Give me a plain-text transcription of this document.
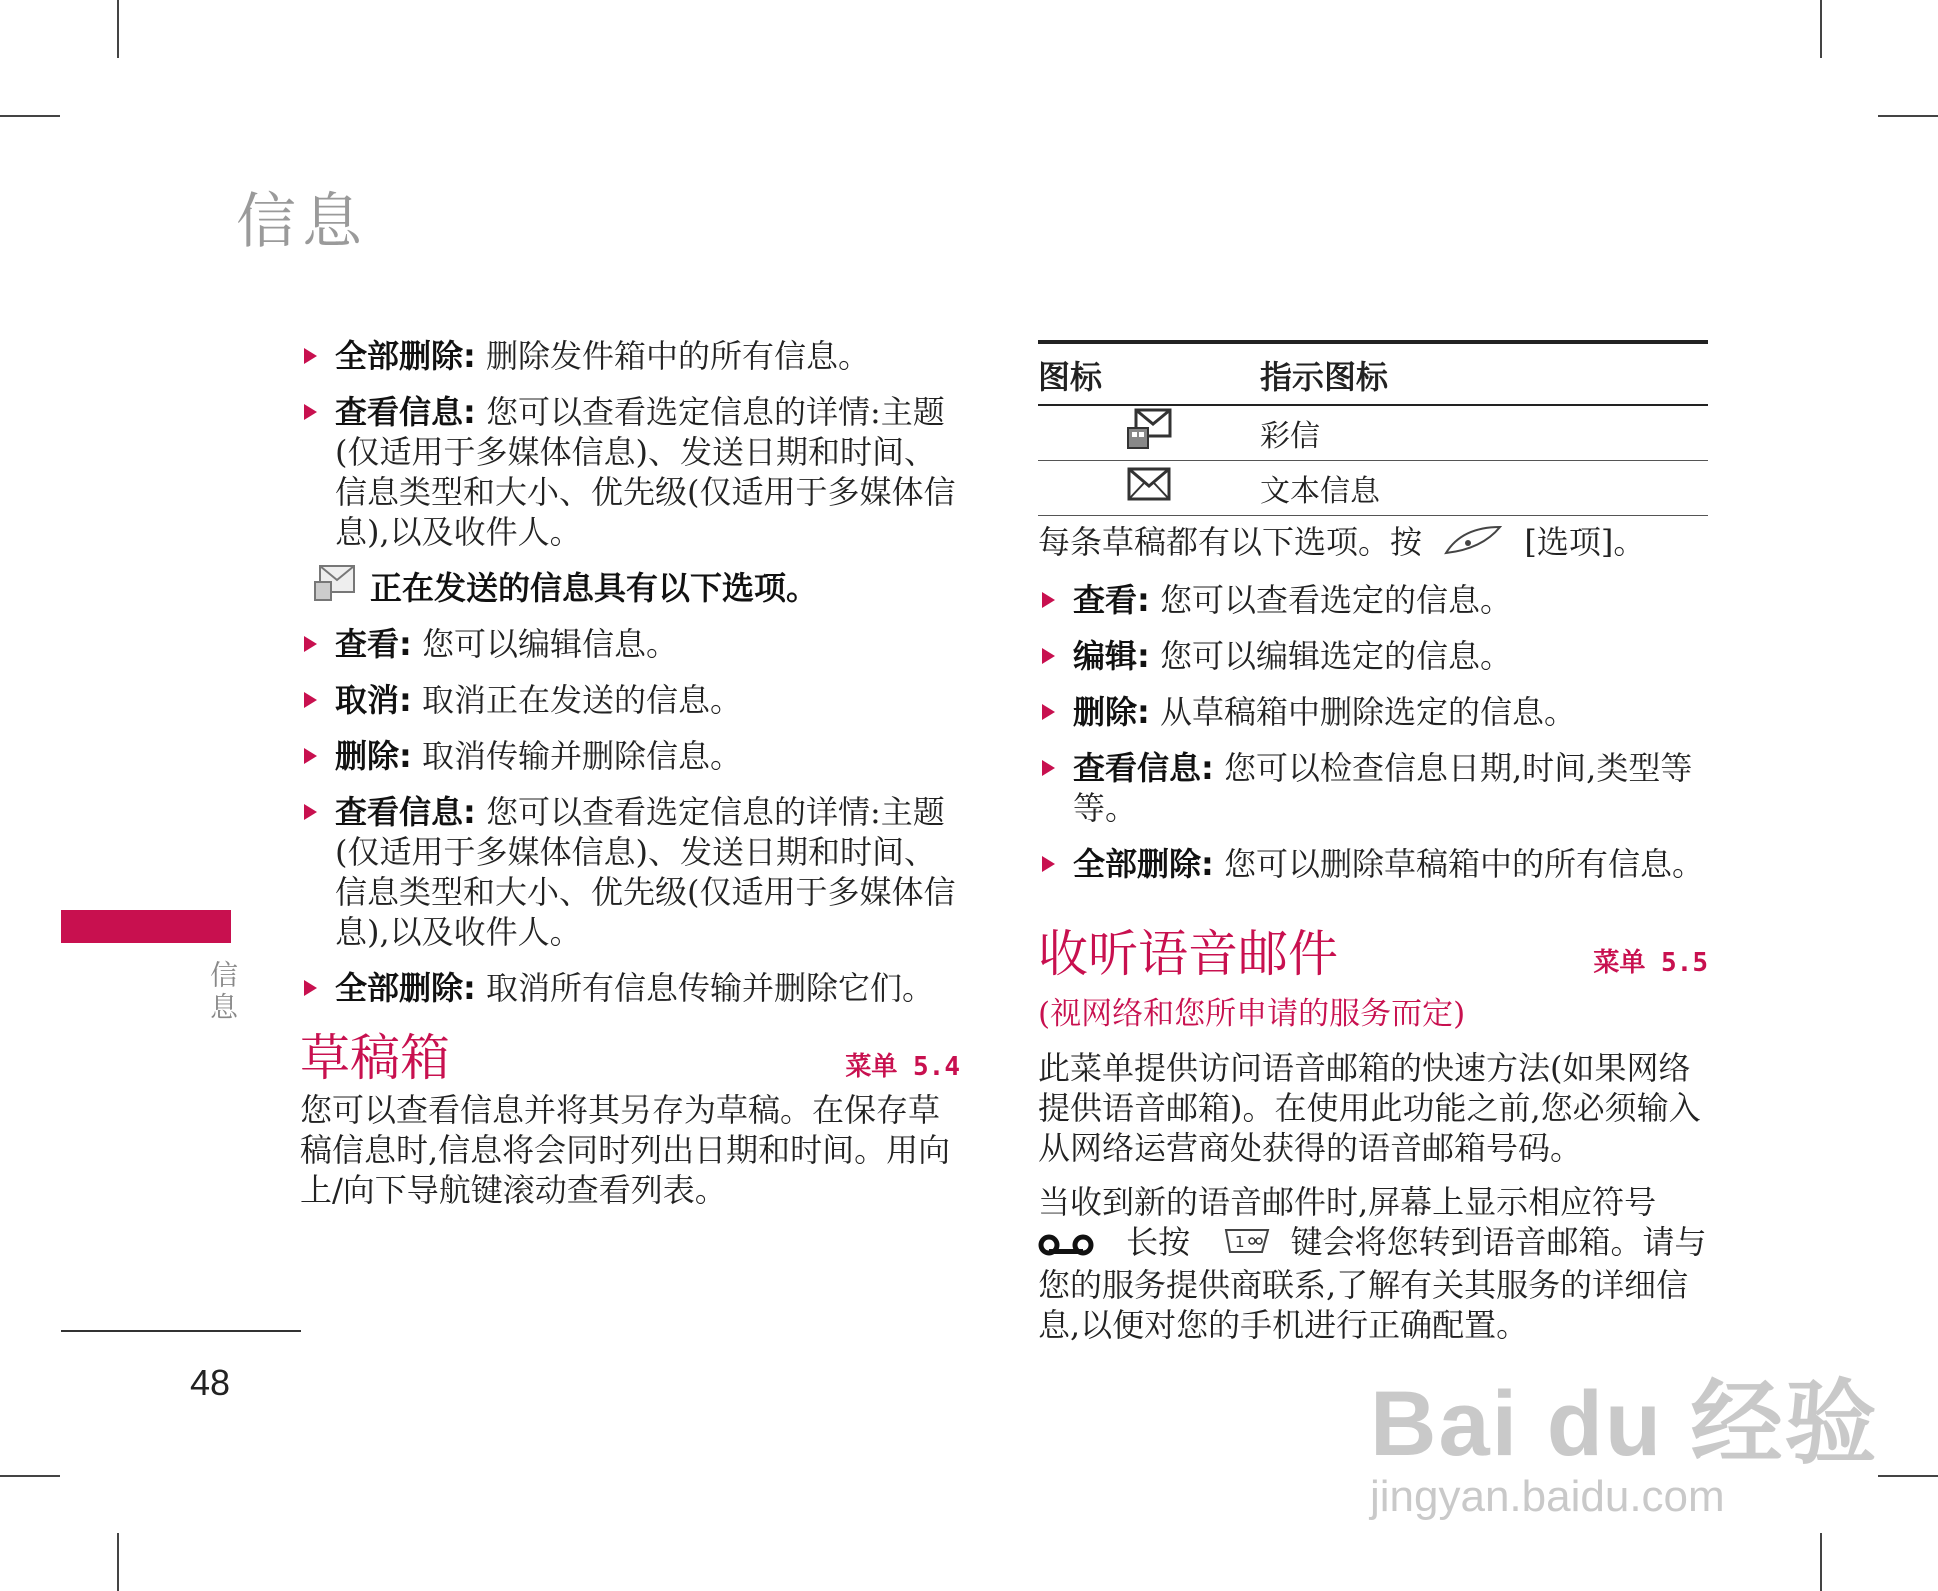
信息
全部删除: 删除发件箱中的所有信息。
查看信息: 您可以查看选定信息的详情:主题(仅适用于多媒体信息)、发送日期和时间、信息类型和大小、优先级(仅适用于多媒体信息),以及收件人。
正在发送的信息具有以下选项。
查看: 您可以编辑信息。
取消: 取消正在发送的信息。
删除: 取消传输并删除信息。
查看信息: 您可以查看选定信息的详情:主题(仅适用于多媒体信息)、发送日期和时间、信息类型和大小、优先级(仅适用于多媒体信息),以及收件人。
全部删除: 取消所有信息传输并删除它们。
草稿箱	菜单 5.4

您可以查看信息并将其另存为草稿。在保存草稿信息时,信息将会同时列出日期和时间。用向上/向下导航键滚动查看列表。

图标	指示图标
	彩信
	文本信息

每条草稿都有以下选项。按	[选项]。

查看: 您可以查看选定的信息。
编辑: 您可以编辑选定的信息。
删除: 从草稿箱中删除选定的信息。
查看信息: 您可以检查信息日期,时间,类型等等。
全部删除: 您可以删除草稿箱中的所有信息。
收听语音邮件	菜单 5.5

(视网络和您所申请的服务而定)

此菜单提供访问语音邮箱的快速方法(如果网络提供语音邮箱)。在使用此功能之前,您必须输入从网络运营商处获得的语音邮箱号码。

当收到新的语音邮件时,屏幕上显示相应符号
长按	1 键会将您转到语音邮箱。请与您的服务提供商联系,了解有关其服务的详细信息,以便对您的手机进行正确配置。

信息
48	Bai du 经验
jingyan.baidu.com
